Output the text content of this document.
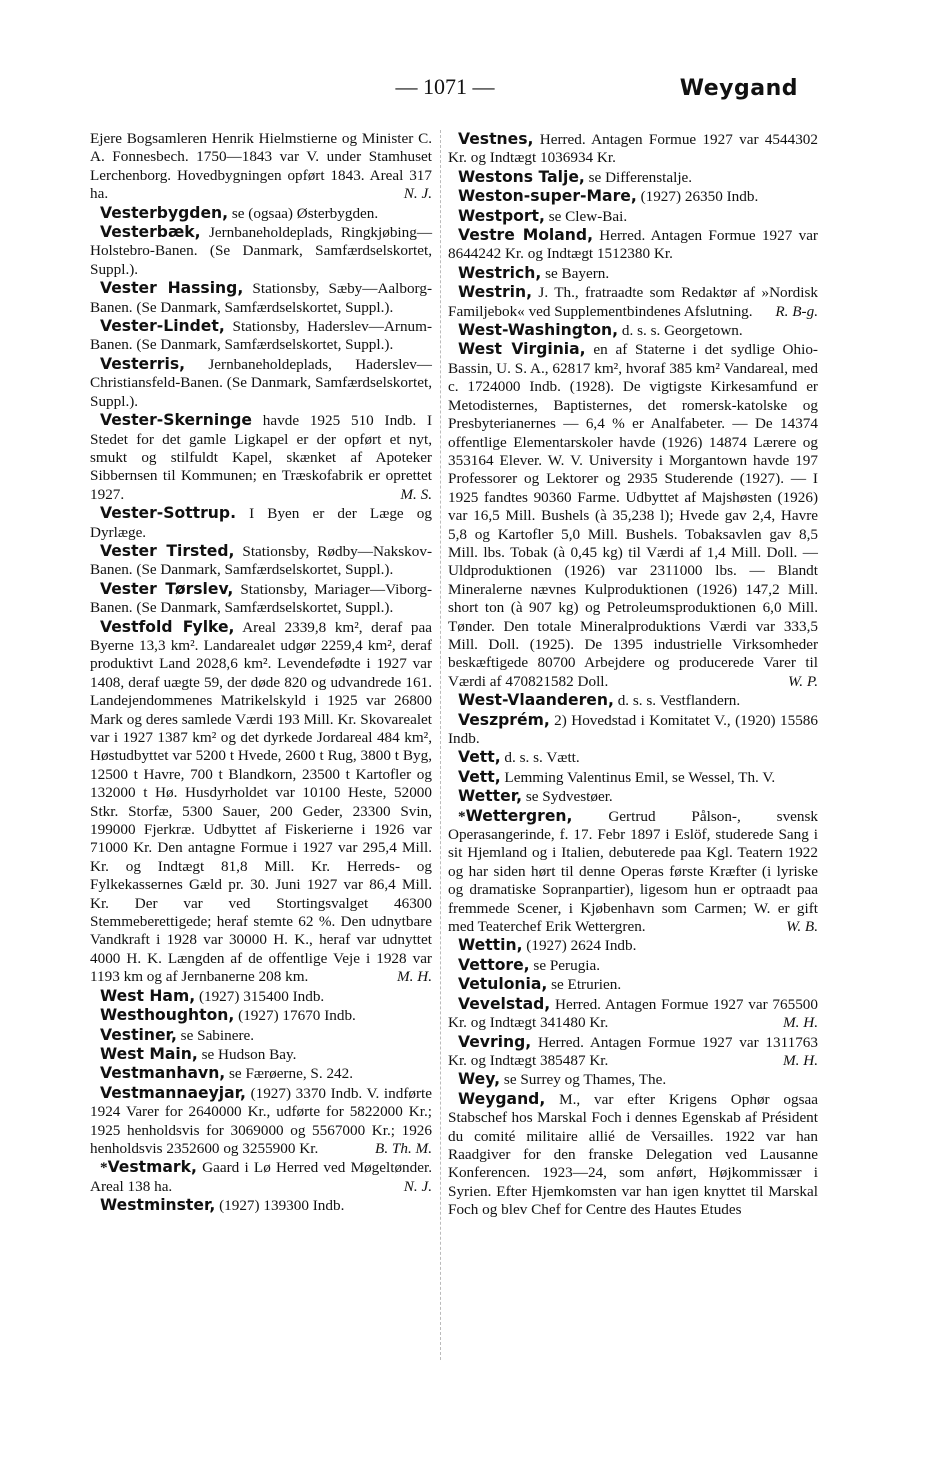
— 1071 —	Weygand

Ejere Bogsamleren Henrik Hielmstierne og Minister C. A. Fonnesbech. 1750—1843 var V. under Stamhuset Lerchenborg. Hovedbygningen opført 1843. Areal 317 ha.	N. J.

Vesterbygden, se (ogsaa) Østerbygden.

Vesterbæk, Jernbaneholdeplads, Ringkjøbing—Holstebro-Banen. (Se Danmark, Samfærdselskortet, Suppl.).

Vester Hassing, Stationsby, Sæby—Aalborg-Banen. (Se Danmark, Samfærdselskortet, Suppl.).

Vester-Lindet, Stationsby, Haderslev—Arnum-Banen. (Se Danmark, Samfærdselskortet, Suppl.).

Vesterris, Jernbaneholdeplads, Haderslev—Christiansfeld-Banen. (Se Danmark, Samfærdselskortet, Suppl.).

Vester-Skerninge havde 1925 510 Indb. I Stedet for det gamle Ligkapel er der opført et nyt, smukt og stilfuldt Kapel, skænket af Apoteker Sibbernsen til Kommunen; en Træskofabrik er oprettet 1927.	M. S.

Vester-Sottrup. I Byen er der Læge og Dyrlæge.

Vester Tirsted, Stationsby, Rødby—Nakskov-Banen. (Se Danmark, Samfærdselskortet, Suppl.).

Vester Tørslev, Stationsby, Mariager—Viborg-Banen. (Se Danmark, Samfærdselskortet, Suppl.).

Vestfold Fylke, Areal 2339,8 km², deraf paa Byerne 13,3 km². Landarealet udgør 2259,4 km², deraf produktivt Land 2028,6 km². Levendefødte i 1927 var 1408, deraf uægte 59, der døde 820 og udvandrede 161. Landejendommenes Matrikelskyld i 1925 var 26800 Mark og deres samlede Værdi 193 Mill. Kr. Skovarealet var i 1927 1387 km² og det dyrkede Jordareal 484 km², Høstudbyttet var 5200 t Hvede, 2600 t Rug, 3800 t Byg, 12500 t Havre, 700 t Blandkorn, 23500 t Kartofler og 132000 t Hø. Husdyrholdet var 10100 Heste, 52000 Stkr. Storfæ, 5300 Sauer, 200 Geder, 23300 Svin, 199000 Fjerkræ. Udbyttet af Fiskerierne i 1926 var 71000 Kr. Den antagne Formue i 1927 var 295,4 Mill. Kr. og Indtægt 81,8 Mill. Kr. Herreds- og Fylkekassernes Gæld pr. 30. Juni 1927 var 86,4 Mill. Kr. Der var ved Stortingsvalget 46300 Stemmeberettigede; heraf stemte 62 %. Den udnytbare Vandkraft i 1928 var 30000 H. K., heraf var udnyttet 4000 H. K. Længden af de offentlige Veje i 1928 var 1193 km og af Jernbanerne 208 km.	M. H.

West Ham, (1927) 315400 Indb.

Westhoughton, (1927) 17670 Indb.

Vestiner, se Sabinere.

West Main, se Hudson Bay.

Vestmanhavn, se Færøerne, S. 242.

Vestmannaeyjar, (1927) 3370 Indb. V. indførte 1924 Varer for 2640000 Kr., udførte for 5822000 Kr.; 1925 henholdsvis for 3069000 og 5567000 Kr.; 1926 henholdsvis 2352600 og 3255900 Kr.	B. Th. M.

*Vestmark, Gaard i Lø Herred ved Møgeltønder. Areal 138 ha.	N. J.

Westminster, (1927) 139300 Indb.

Vestnes, Herred. Antagen Formue 1927 var 4544302 Kr. og Indtægt 1036934 Kr.

Westons Talje, se Differenstalje.

Weston-super-Mare, (1927) 26350 Indb.

Westport, se Clew-Bai.

Vestre Moland, Herred. Antagen Formue 1927 var 8644242 Kr. og Indtægt 1512380 Kr.

Westrich, se Bayern.

Westrin, J. Th., fratraadte som Redaktør af »Nordisk Familjebok« ved Supplementbindenes Afslutning. R. B-g.

West-Washington, d. s. s. Georgetown.

West Virginia, en af Staterne i det sydlige Ohio-Bassin, U. S. A., 62817 km², hvoraf 385 km² Vandareal, med c. 1724000 Indb. (1928). De vigtigste Kirkesamfund er Metodisternes, Baptisternes, det romersk-katolske og Presbyterianernes — 6,4 % er Analfabeter. — De 14374 offentlige Elementarskoler havde (1926) 14874 Lærere og 353164 Elever. W. V. University i Morgantown havde 197 Professorer og Lektorer og 2935 Studerende (1927). — I 1925 fandtes 90360 Farme. Udbyttet af Majshøsten (1926) var 16,5 Mill. Bushels (à 35,238 l); Hvede gav 2,4, Havre 5,8 og Kartofler 5,0 Mill. Bushels. Tobaksavlen gav 8,5 Mill. lbs. Tobak (à 0,45 kg) til Værdi af 1,4 Mill. Doll. — Uldproduktionen (1926) var 2311000 lbs. — Blandt Mineralerne nævnes Kulproduktionen (1926) 147,2 Mill. short ton (à 907 kg) og Petroleumsproduktionen 6,0 Mill. Tønder. Den totale Mineralproduktions Værdi var 333,5 Mill. Doll. (1925). De 1395 industrielle Virksomheder beskæftigede 80700 Arbejdere og producerede Varer til Værdi af 470821582 Doll.	W. P.

West-Vlaanderen, d. s. s. Vestflandern.

Veszprém, 2) Hovedstad i Komitatet V., (1920) 15586 Indb.

Vett, d. s. s. Vætt.

Vett, Lemming Valentinus Emil, se Wessel, Th. V.

Wetter, se Sydvestøer.

*Wettergren, Gertrud Pålson-, svensk Operasangerinde, f. 17. Febr 1897 i Eslöf, studerede Sang i sit Hjemland og i Italien, debuterede paa Kgl. Teatern 1922 og har siden hørt til denne Operas første Kræfter (i lyriske og dramatiske Sopranpartier), ligesom hun er optraadt paa fremmede Scener, i Kjøbenhavn som Carmen; W. er gift med Teaterchef Erik Wettergren.	W. B.

Wettin, (1927) 2624 Indb.

Vettore, se Perugia.

Vetulonia, se Etrurien.

Vevelstad, Herred. Antagen Formue 1927 var 765500 Kr. og Indtægt 341480 Kr.	M. H.

Vevring, Herred. Antagen Formue 1927 var 1311763 Kr. og Indtægt 385487 Kr.	M. H.

Wey, se Surrey og Thames, The.

Weygand, M., var efter Krigens Ophør ogsaa Stabschef hos Marskal Foch i dennes Egenskab af Président du comité militaire allié de Versailles. 1922 var han Raadgiver for den franske Delegation ved Lausanne Konferencen. 1923—24, som anført, Højkommissær i Syrien. Efter Hjemkomsten var han igen knyttet til Marskal Foch og blev Chef for Centre des Hautes Etudes
